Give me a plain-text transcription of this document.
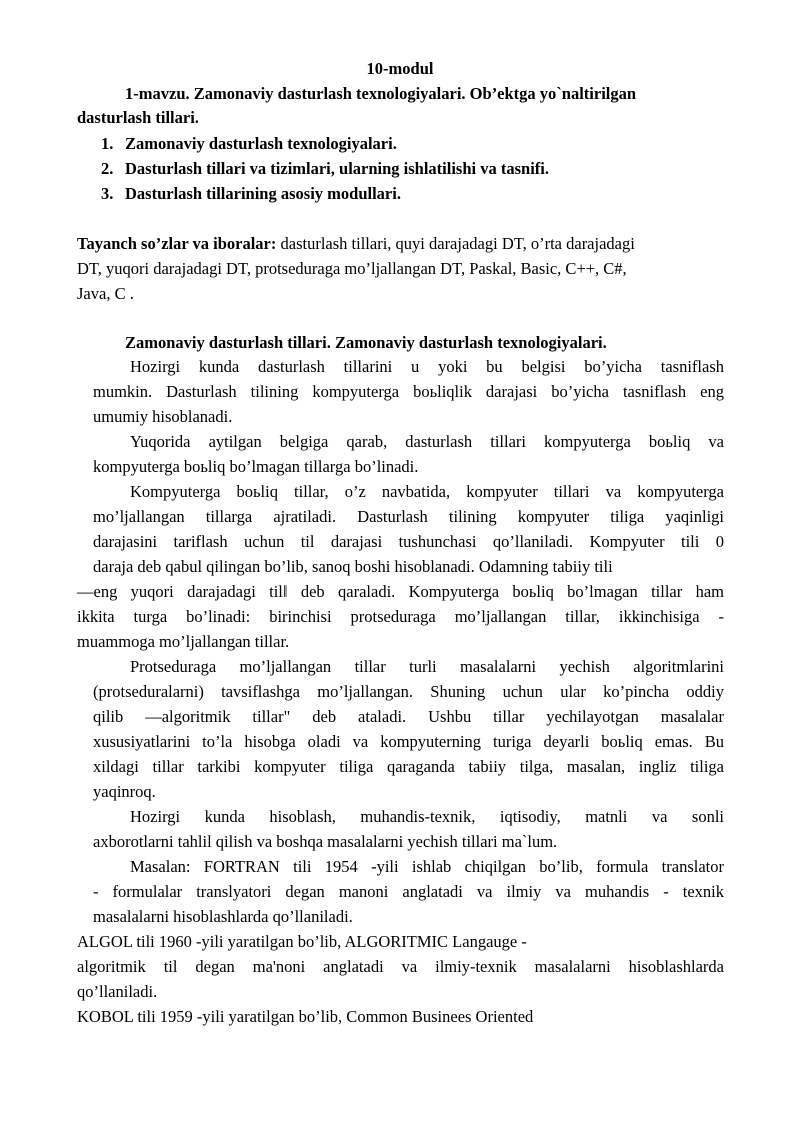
10-modul
1-mavzu. Zamonaviy dasturlash texnologiyalari. Ob’ektga yo`naltirilgan
dasturlash tillari.
1. Zamonaviy dasturlash texnologiyalari.
2. Dasturlash tillari va tizimlari, ularning ishlatilishi va tasnifi.
3. Dasturlash tillarining asosiy modullari.
Tayanch so’zlar va iboralar: dasturlash tillari, quyi darajadagi DT, o’rta darajadagi
DT, yuqori darajadagi DT, protseduraga mo’ljallangan DT, Paskal, Basic, C++, C#,
Java, C .
Zamonaviy dasturlash tillari. Zamonaviy dasturlash texnologiyalari.
Hozirgi kunda dasturlash tillarini u yoki bu belgisi bo’yicha tasniflash
mumkin. Dasturlash tilining kompyuterga boьliqlik darajasi bo’yicha tasniflash eng
umumiy hisoblanadi.
Yuqorida aytilgan belgiga qarab, dasturlash tillari kompyuterga boьliq va
kompyuterga boьliq bo’lmagan tillarga bo’linadi.
Kompyuterga boьliq tillar, o’z navbatida, kompyuter tillari va kompyuterga
mo’ljallangan tillarga ajratiladi. Dasturlash tilining kompyuter tiliga yaqinligi
darajasini tariflash uchun til darajasi tushunchasi qo’llaniladi. Kompyuter tili 0
daraja deb qabul qilingan bo’lib, sanoq boshi hisoblanadi. Odamning tabiiy tili
―eng yuqori darajadagi til‖ deb qaraladi. Kompyuterga boьliq bo’lmagan tillar ham
ikkita turga bo’linadi: birinchisi protseduraga mo’ljallangan tillar, ikkinchisiga -
muammoga mo’ljallangan tillar.
Protseduraga mo’ljallangan tillar turli masalalarni yechish algoritmlarini
(protseduralarni) tavsiflashga mo’ljallangan. Shuning uchun ular ko’pincha oddiy
qilib ―algoritmik tillar" deb ataladi. Ushbu tillar yechilayotgan masalalar
xususiyatlarini to’la hisobga oladi va kompyuterning turiga deyarli boьliq emas. Bu
xildagi tillar tarkibi kompyuter tiliga qaraganda tabiiy tilga, masalan, ingliz tiliga
yaqinroq.
Hozirgi kunda hisoblash, muhandis-texnik, iqtisodiy, matnli va sonli
axborotlarni tahlil qilish va boshqa masalalarni yechish tillari ma`lum.
Masalan: FORTRAN tili 1954 -yili ishlab chiqilgan bo’lib, formula translator
- formulalar translyatori degan manoni anglatadi va ilmiy va muhandis - texnik
masalalarni hisoblashlarda qo’llaniladi.
ALGOL tili 1960 -yili yaratilgan bo’lib, ALGORITMIC Langauge -
algoritmik til degan ma'noni anglatadi va ilmiy-texnik masalalarni hisoblashlarda
qo’llaniladi.
KOBOL tili 1959 -yili yaratilgan bo’lib, Common Businees Oriented
